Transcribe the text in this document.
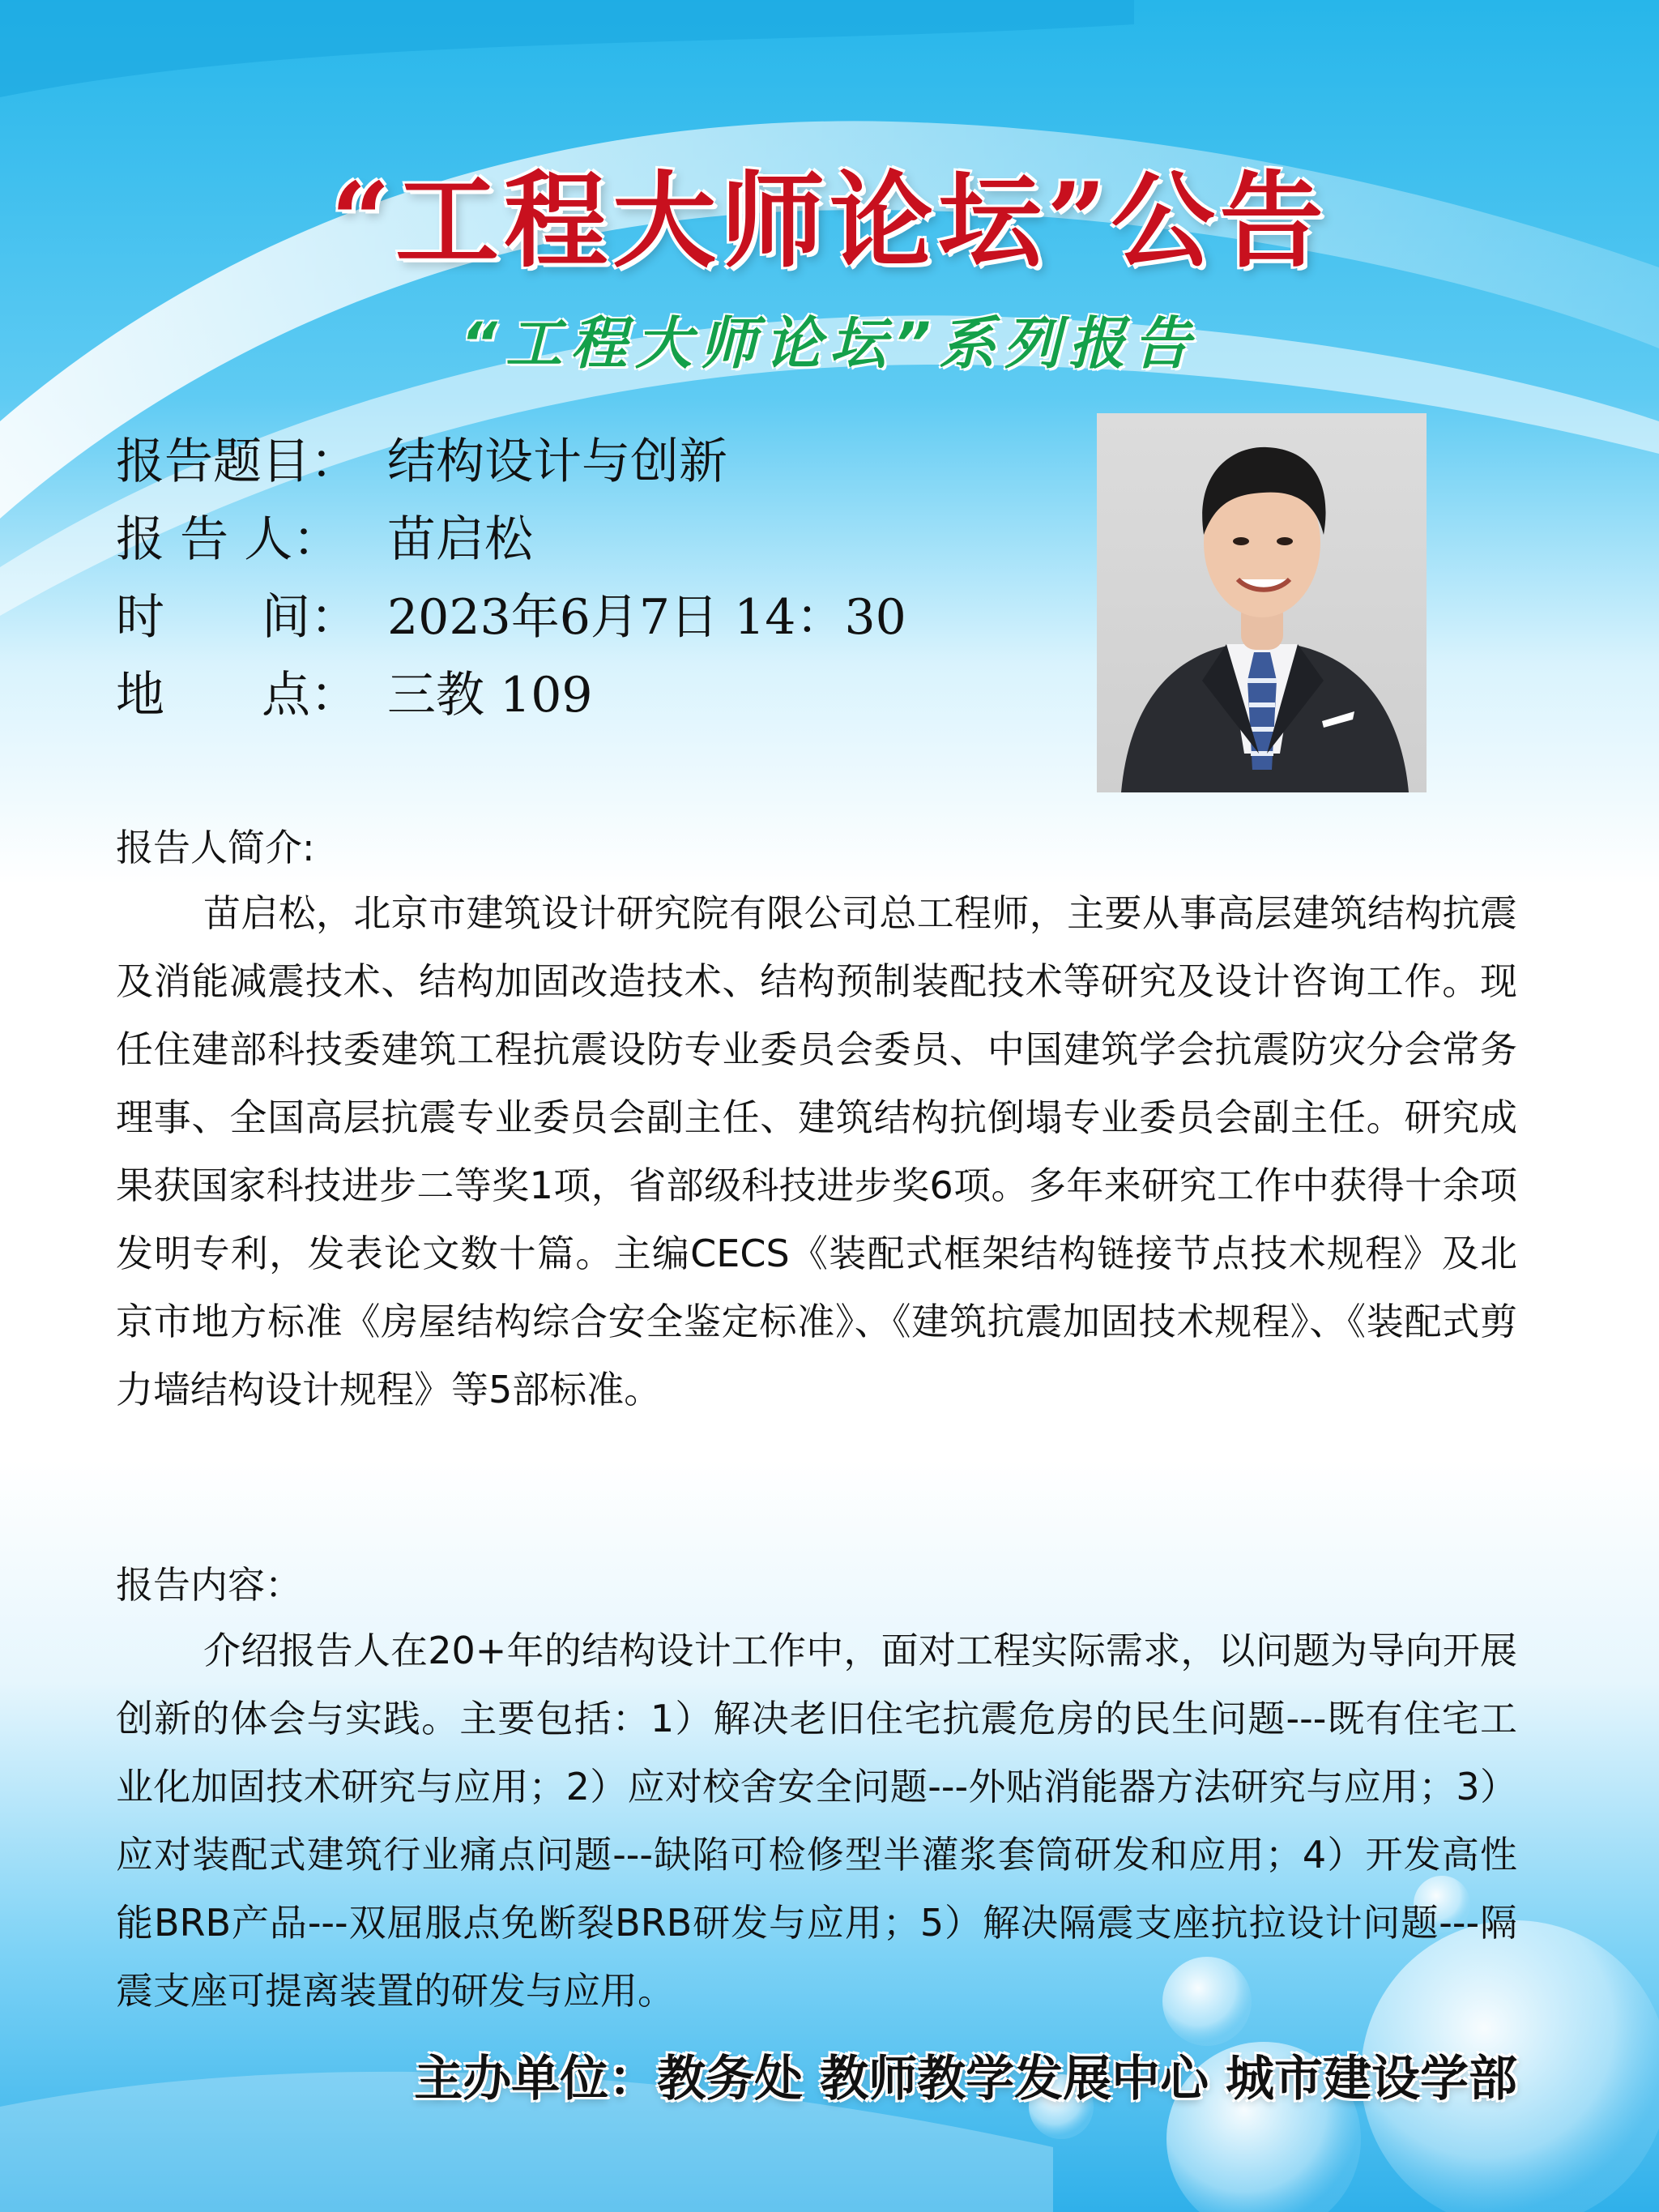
“工程大师论坛”公告
“工程大师论坛”系列报告
报告题目： 结构设计与创新
报 告 人： 苗启松
时　　间： 2023年6月7日 14：30
地　　点： 三教 109
报告人简介:
苗启松，北京市建筑设计研究院有限公司总工程师，主要从事高层建筑结构抗震及消能减震技术、结构加固改造技术、结构预制装配技术等研究及设计咨询工作。现任住建部科技委建筑工程抗震设防专业委员会委员、中国建筑学会抗震防灾分会常务理事、全国高层抗震专业委员会副主任、建筑结构抗倒塌专业委员会副主任。研究成果获国家科技进步二等奖1项，省部级科技进步奖6项。多年来研究工作中获得十余项发明专利，发表论文数十篇。主编CECS《装配式框架结构链接节点技术规程》及北京市地方标准《房屋结构综合安全鉴定标准》、《建筑抗震加固技术规程》、《装配式剪力墙结构设计规程》等5部标准。
报告内容：
介绍报告人在20+年的结构设计工作中，面对工程实际需求，以问题为导向开展创新的体会与实践。主要包括：1）解决老旧住宅抗震危房的民生问题---既有住宅工业化加固技术研究与应用；2）应对校舍安全问题---外贴消能器方法研究与应用；3）应对装配式建筑行业痛点问题---缺陷可检修型半灌浆套筒研发和应用；4）开发高性能BRB产品---双屈服点免断裂BRB研发与应用；5）解决隔震支座抗拉设计问题---隔震支座可提离装置的研发与应用。
主办单位：教务处 教师教学发展中心 城市建设学部
